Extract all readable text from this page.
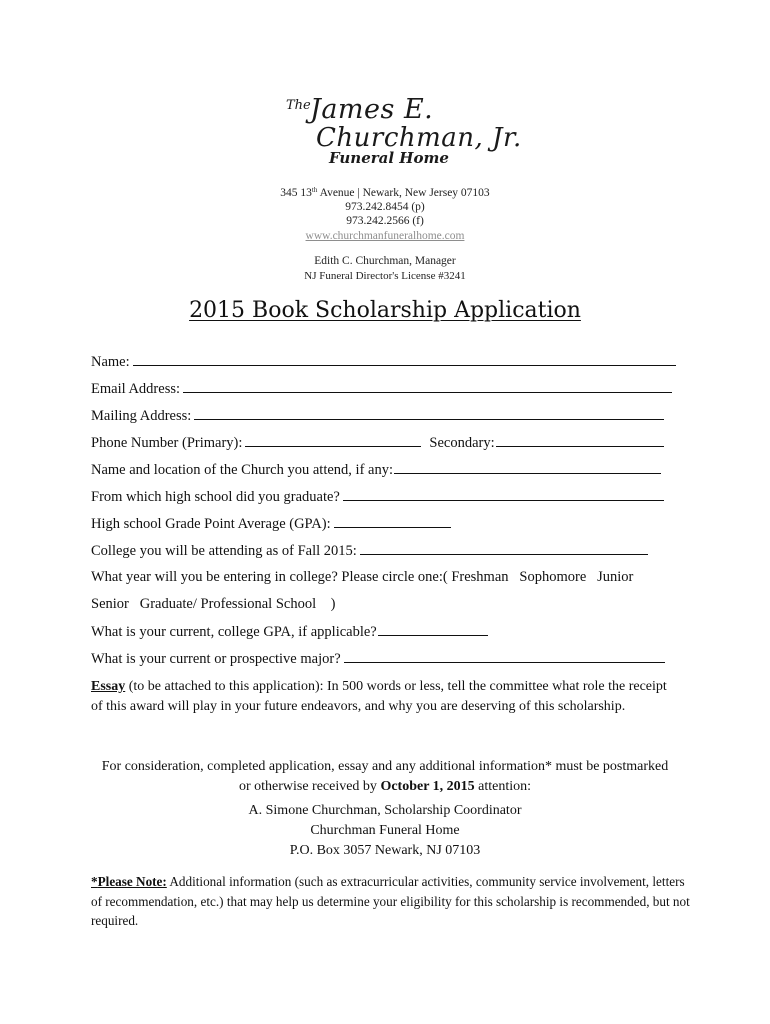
The James E.
Churchman, Jr.
Funeral Home
345 13th Avenue | Newark, New Jersey 07103
973.242.8454 (p)
973.242.2566 (f)
www.churchmanfuneralhome.com
Edith C. Churchman, Manager
NJ Funeral Director's License #3241
2015 Book Scholarship Application
Name:
Email Address:
Mailing Address:
Phone Number (Primary):	Secondary:
Name and location of the Church you attend, if any:
From which high school did you graduate?
High school Grade Point Average (GPA):
College you will be attending as of Fall 2015:
What year will you be entering in college? Please circle one:( Freshman   Sophomore   Junior
Senior   Graduate/ Professional School    )
What is your current, college GPA, if applicable?
What is your current or prospective major?
Essay (to be attached to this application): In 500 words or less, tell the committee what role the receipt of this award will play in your future endeavors, and why you are deserving of this scholarship.
For consideration, completed application, essay and any additional information* must be postmarked
or otherwise received by October 1, 2015 attention:
A. Simone Churchman, Scholarship Coordinator
Churchman Funeral Home
P.O. Box 3057 Newark, NJ 07103
*Please Note: Additional information (such as extracurricular activities, community service involvement, letters of recommendation, etc.) that may help us determine your eligibility for this scholarship is recommended, but not required.
